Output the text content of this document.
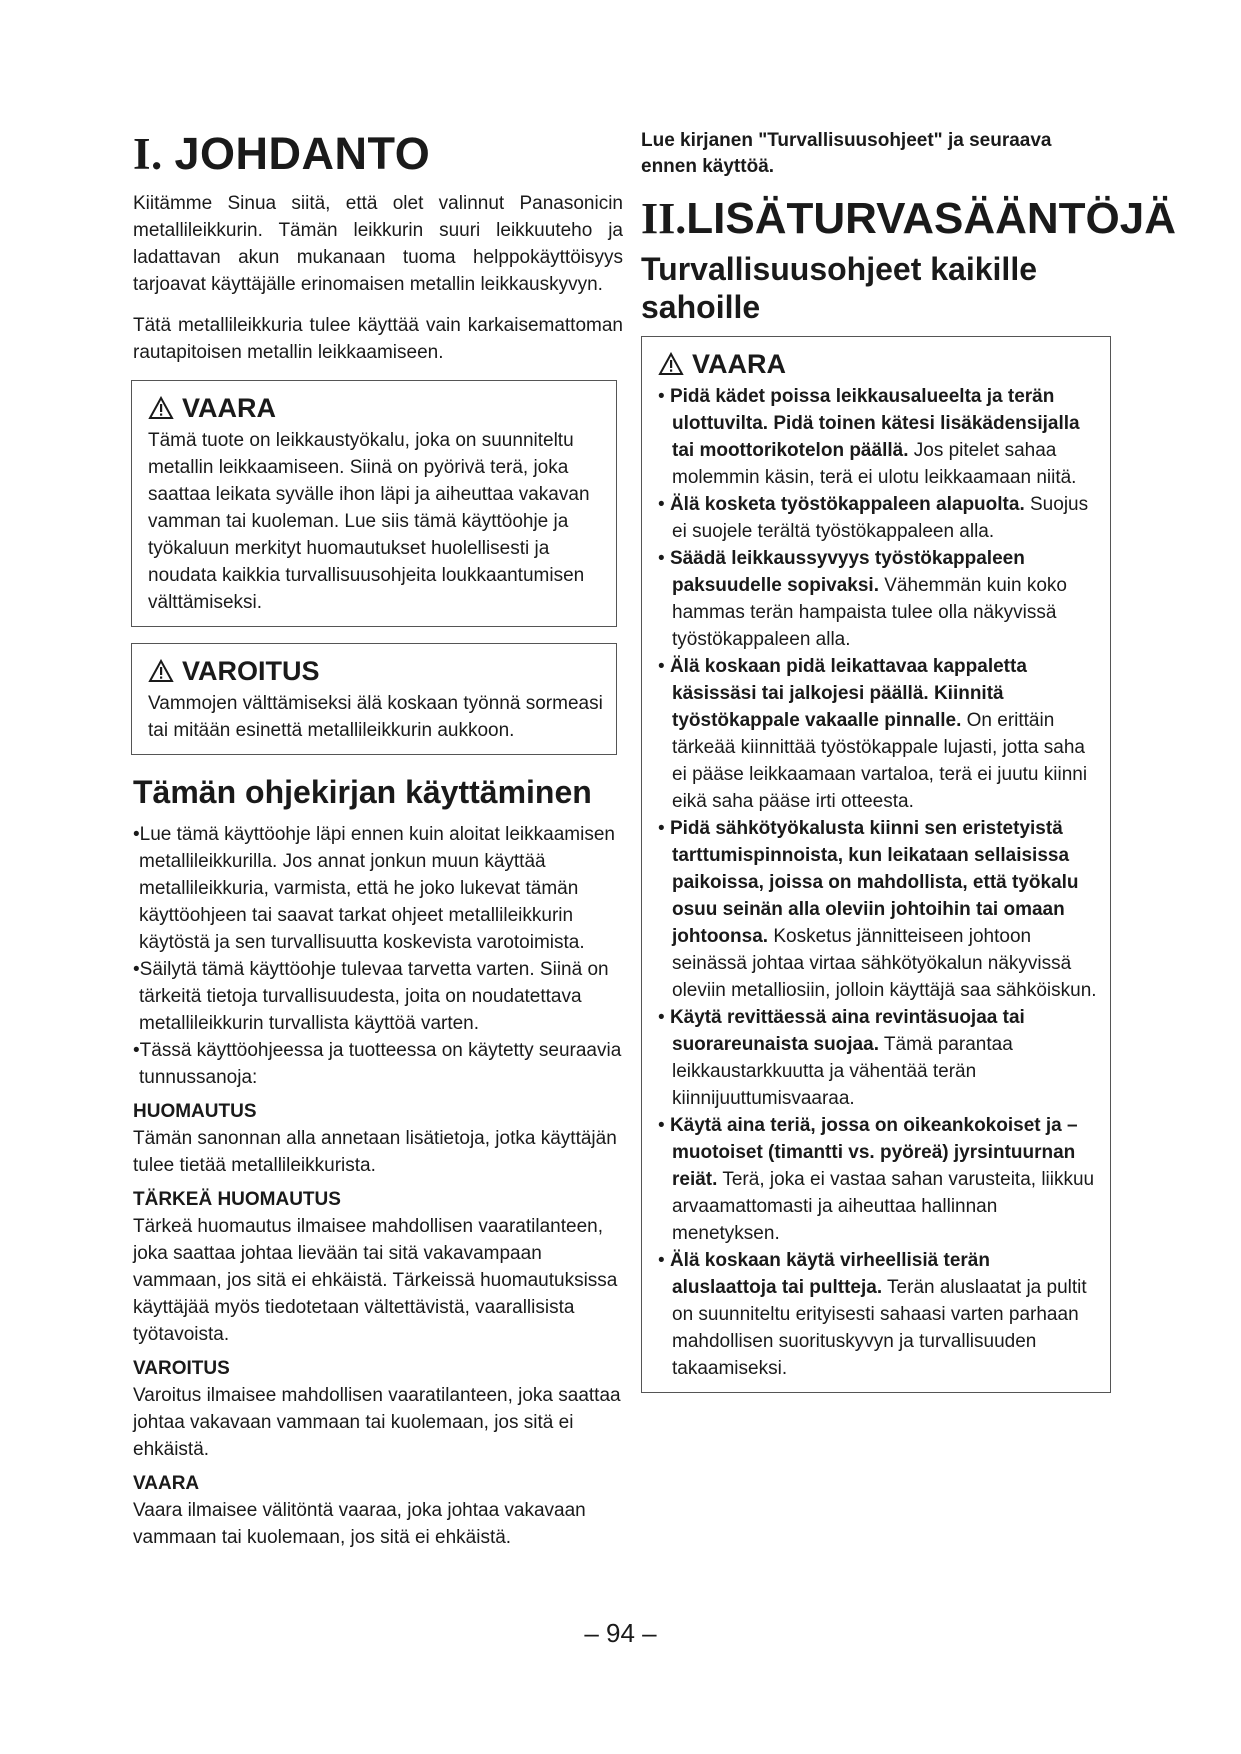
I. JOHDANTO

Kiitämme Sinua siitä, että olet valinnut Panasonicin metallileikkurin. Tämän leikkurin suuri leikkuuteho ja ladattavan akun mukanaan tuoma helppokäyttöisyys tarjoavat käyttäjälle erinomaisen metallin leikkauskyvyn.

Tätä metallileikkuria tulee käyttää vain karkaisemattoman rautapitoisen metallin leikkaamiseen.

VAARA

Tämä tuote on leikkaustyökalu, joka on suunniteltu metallin leikkaamiseen. Siinä on pyörivä terä, joka saattaa leikata syvälle ihon läpi ja aiheuttaa vakavan vamman tai kuoleman. Lue siis tämä käyttöohje ja työkaluun merkityt huomautukset huolellisesti ja noudata kaikkia turvallisuusohjeita loukkaantumisen välttämiseksi.

VAROITUS

Vammojen välttämiseksi älä koskaan työnnä sormeasi tai mitään esinettä metallileikkurin aukkoon.

Tämän ohjekirjan käyttäminen

•Lue tämä käyttöohje läpi ennen kuin aloitat leikkaamisen metallileikkurilla. Jos annat jonkun muun käyttää metallileikkuria, varmista, että he joko lukevat tämän käyttöohjeen tai saavat tarkat ohjeet metallileikkurin käytöstä ja sen turvallisuutta koskevista varotoimista.

•Säilytä tämä käyttöohje tulevaa tarvetta varten. Siinä on tärkeitä tietoja turvallisuudesta, joita on noudatettava metallileikkurin turvallista käyttöä varten.

•Tässä käyttöohjeessa ja tuotteessa on käytetty seuraavia tunnussanoja:

HUOMAUTUS

Tämän sanonnan alla annetaan lisätietoja, jotka käyttäjän tulee tietää metallileikkurista.

TÄRKEÄ HUOMAUTUS

Tärkeä huomautus ilmaisee mahdollisen vaaratilanteen, joka saattaa johtaa lievään tai sitä vakavampaan vammaan, jos sitä ei ehkäistä. Tärkeissä huomautuksissa käyttäjää myös tiedotetaan vältettävistä, vaarallisista työtavoista.

VAROITUS

Varoitus ilmaisee mahdollisen vaaratilanteen, joka saattaa johtaa vakavaan vammaan tai kuolemaan, jos sitä ei ehkäistä.

VAARA

Vaara ilmaisee välitöntä vaaraa, joka johtaa vakavaan vammaan tai kuolemaan, jos sitä ei ehkäistä.

Lue kirjanen "Turvallisuusohjeet" ja seuraava ennen käyttöä.
II.LISÄTURVASÄÄNTÖJÄ
Turvallisuusohjeet kaikille sahoille
VAARA

• Pidä kädet poissa leikkausalueelta ja terän ulottuvilta. Pidä toinen kätesi lisäkädensijalla tai moottorikotelon päällä. Jos pitelet sahaa molemmin käsin, terä ei ulotu leikkaamaan niitä.

• Älä kosketa työstökappaleen alapuolta. Suojus ei suojele terältä työstökappaleen alla.

• Säädä leikkaussyvyys työstökappaleen paksuudelle sopivaksi. Vähemmän kuin koko hammas terän hampaista tulee olla näkyvissä työstökappaleen alla.

• Älä koskaan pidä leikattavaa kappaletta käsissäsi tai jalkojesi päällä. Kiinnitä työstökappale vakaalle pinnalle. On erittäin tärkeää kiinnittää työstökappale lujasti, jotta saha ei pääse leikkaamaan vartaloa, terä ei juutu kiinni eikä saha pääse irti otteesta.

• Pidä sähkötyökalusta kiinni sen eristetyistä tarttumispinnoista, kun leikataan sellaisissa paikoissa, joissa on mahdollista, että työkalu osuu seinän alla oleviin johtoihin tai omaan johtoonsa. Kosketus jännitteiseen johtoon seinässä johtaa virtaa sähkötyökalun näkyvissä oleviin metalliosiin, jolloin käyttäjä saa sähköiskun.

• Käytä revittäessä aina revintäsuojaa tai suorareunaista suojaa. Tämä parantaa leikkaustarkkuutta ja vähentää terän kiinnijuuttumisvaaraa.

• Käytä aina teriä, jossa on oikeankokoiset ja –muotoiset (timantti vs. pyöreä) jyrsintuurnan reiät. Terä, joka ei vastaa sahan varusteita, liikkuu arvaamattomasti ja aiheuttaa hallinnan menetyksen.

• Älä koskaan käytä virheellisiä terän aluslaattoja tai pultteja. Terän aluslaatat ja pultit on suunniteltu erityisesti sahaasi varten parhaan mahdollisen suorituskyvyn ja turvallisuuden takaamiseksi.

– 94 –
